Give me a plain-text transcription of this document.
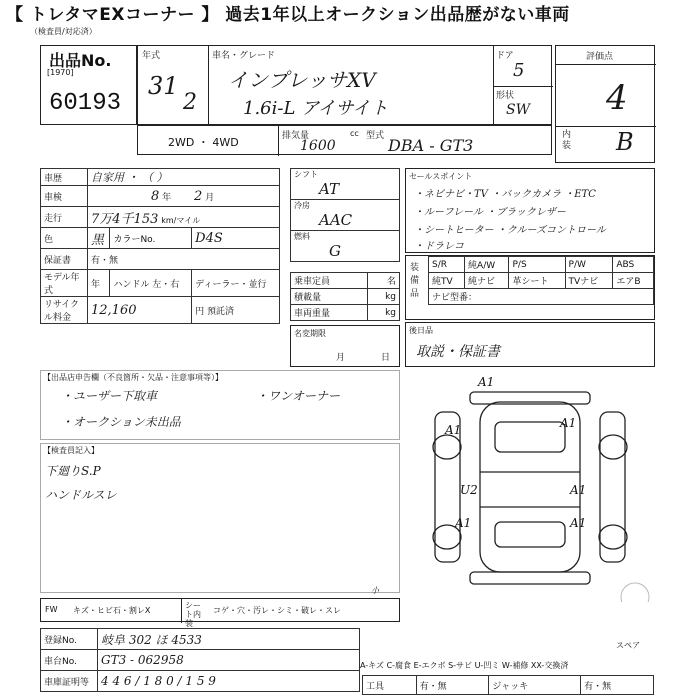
【 トレタマEXコーナー 】 過去1年以上オークション出品歴がない車両
（検査員/対応済）
出品No.
[1970]
60193
年式
31
2
車名・グレード
インプレッサXV
1.6i-L アイサイト
ドア
5
形状
SW
評価点
4
内装 B
2WD ・ 4WD	排気量
1600
cc 型式 DBA - GT3
車歴	自家用 ・ （ ）		
車検	8 年 2 月		
走行	7万4千153 km/マイル		
色	黒	カラーNo.	D4S
保証書	有・無		
モデル年式	年	ハンドル 左・右	ディーラー・並行
リサイクル料金	12,160		円 預託済
シフト
AT

冷房
AAC

燃料
G
乗車定員	名
積載量	kg
車両重量	kg
名変期限
月	日
セールスポイント
・ネビナビ・TV ・バックカメラ ・ETC
・ルーフレール ・ブラックレザー
・シートヒーター ・クルーズコントロール
・ドラレコ
装備品
S/R	純A/W	P/S	P/W	ABS
純TV	純ナビ	革シート	TVナビ	エアB
ナビ型番：				
後日品
取説・保証書
【出品店申告欄（不良箇所・欠品・注意事項等）】
・ユーザー下取車	・ワンオーナー
・オークション未出品
【検査員記入】
下廻りS.P
ハンドルスレ
A1
A1	A1
U2	A1
A1	A1
スペア
FW キズ・ヒビ石・割レX
シート内装
コゲ・穴・汚レ・シミ・破レ・スレ
小
登録No.	岐阜 302 ほ 4533
車台No.	GT3 - 062958
車庫証明等	4 4 6 / 1 8 0 / 1 5 9
A-キズ C-腐食 E-エクボ S-サビ U-凹ミ W-補修 XX-交換済
工具	有・無	ジャッキ	有・無
